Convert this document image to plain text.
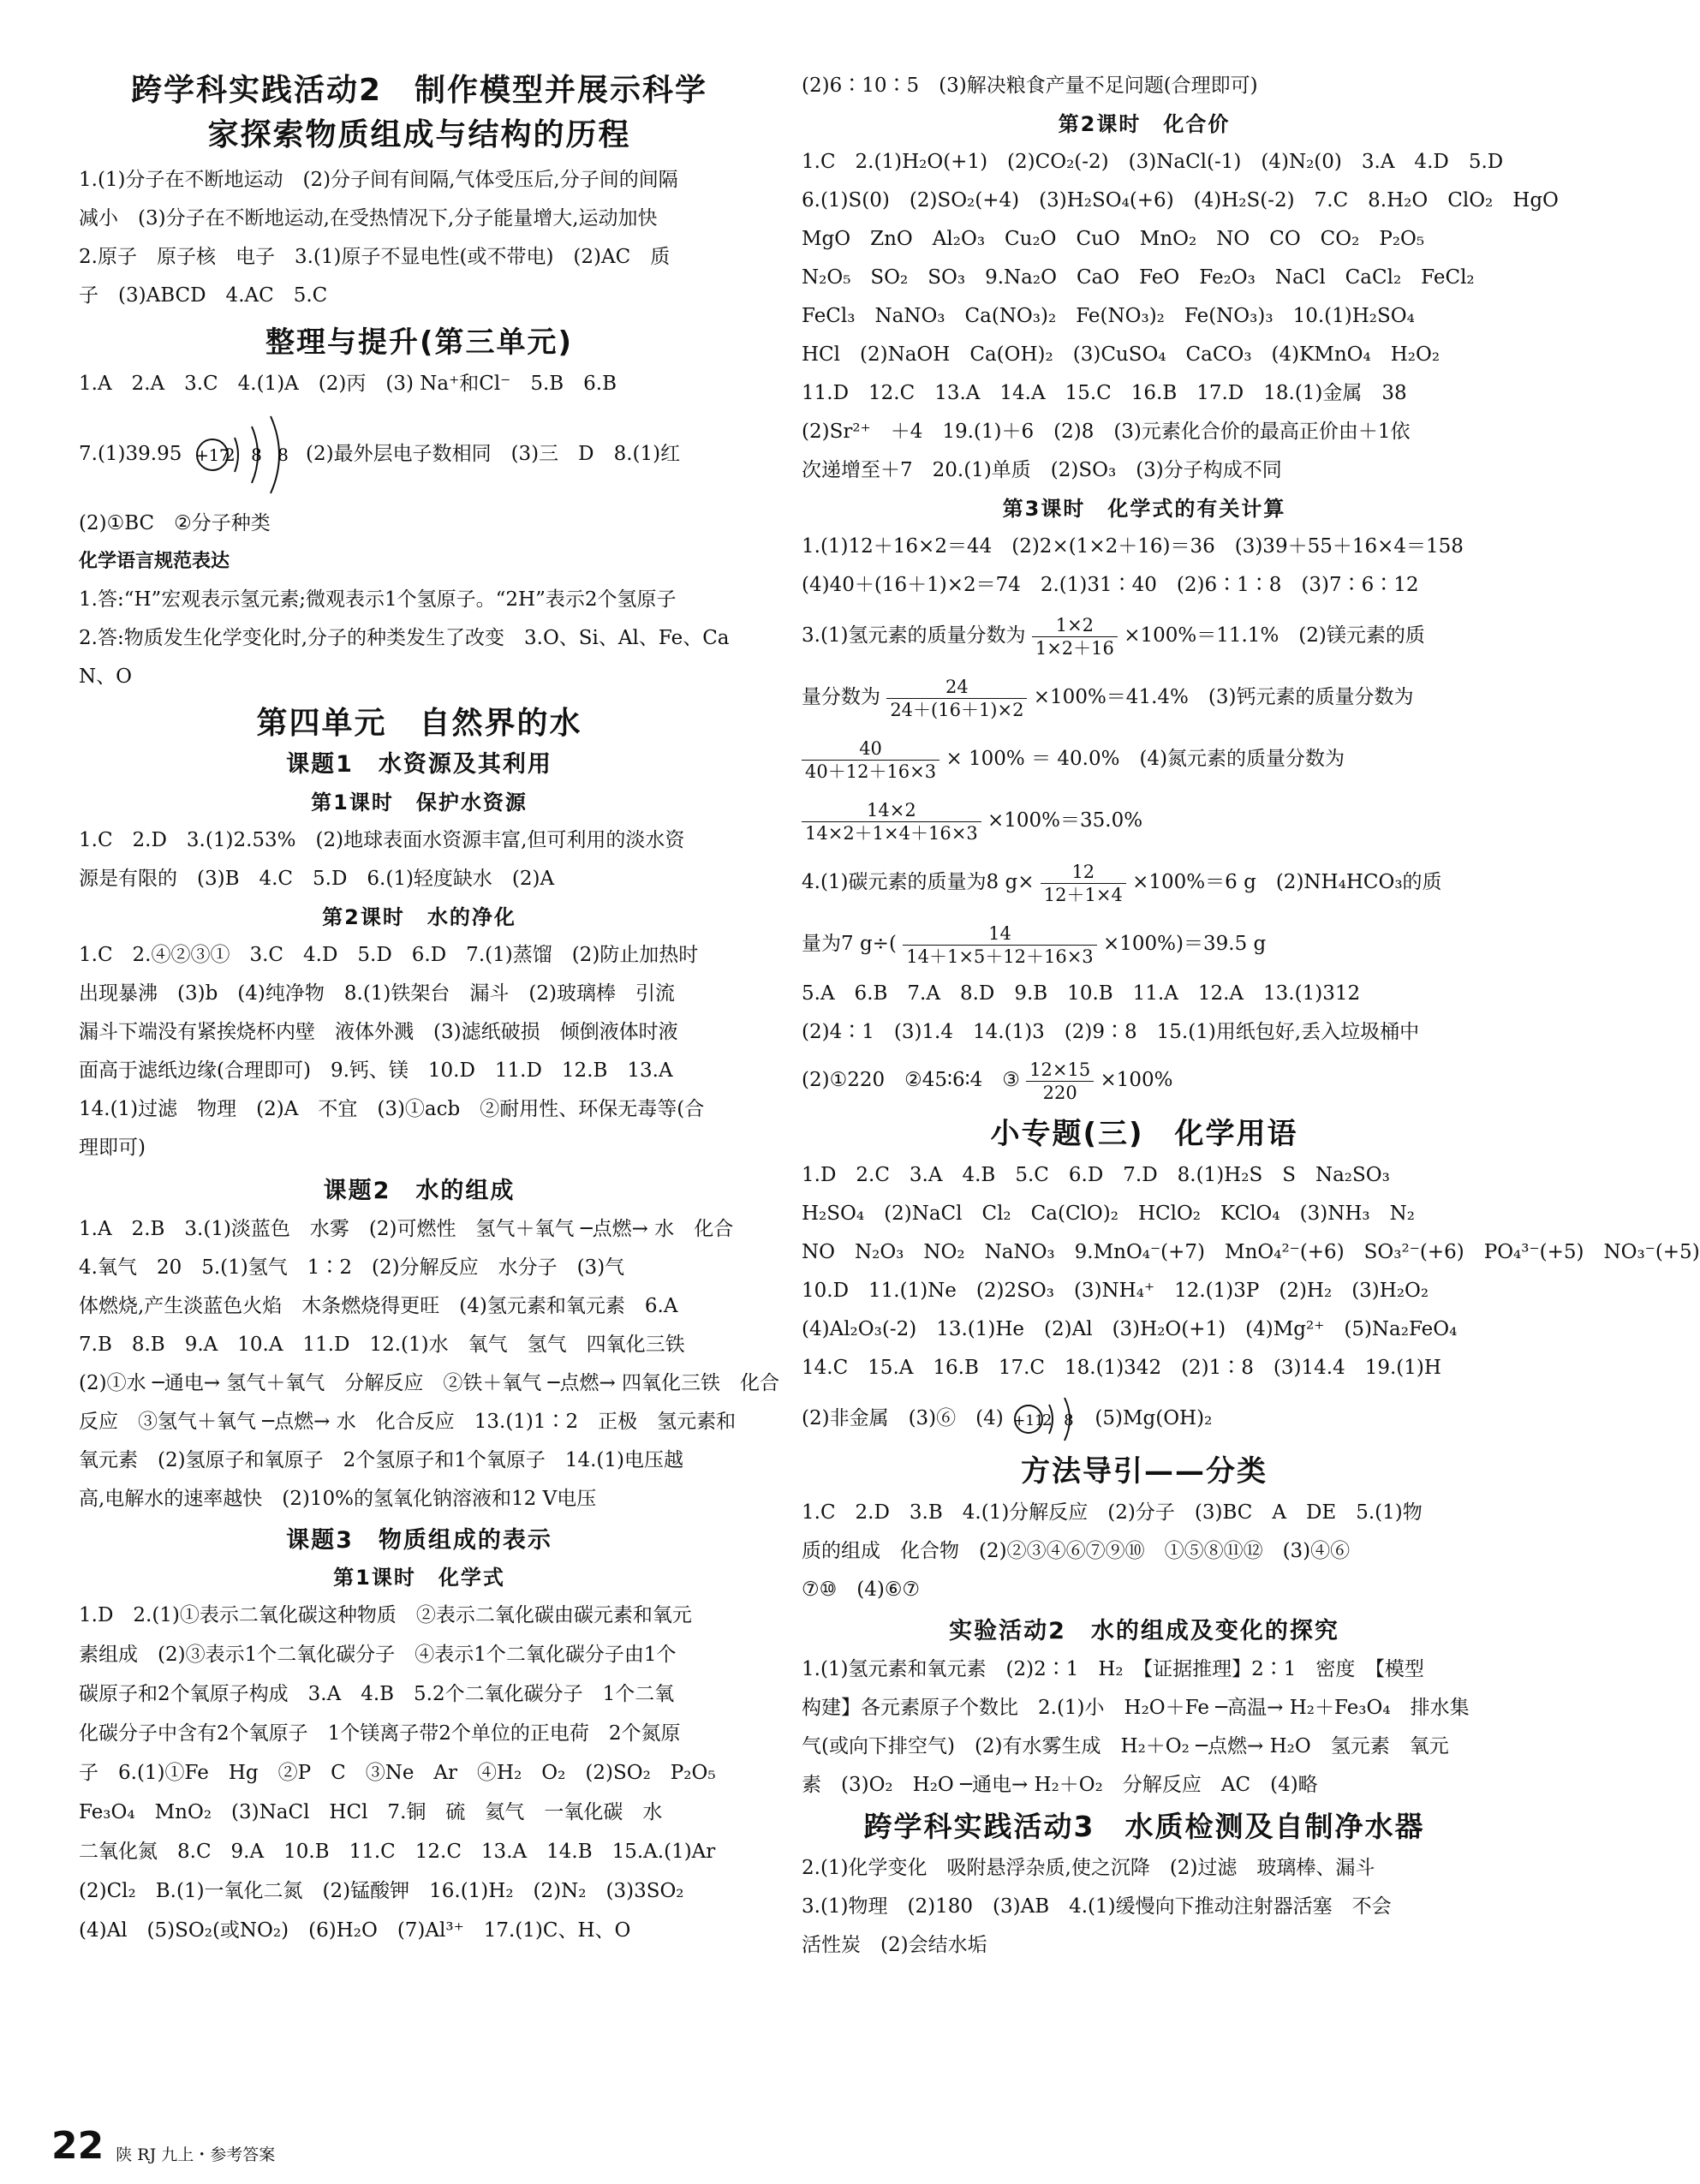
跨学科实践活动2　制作模型并展示科学
家探索物质组成与结构的历程
1.(1)分子在不断地运动　(2)分子间有间隔,气体受压后,分子间的间隔
减小　(3)分子在不断地运动,在受热情况下,分子能量增大,运动加快
2.原子　原子核　电子　3.(1)原子不显电性(或不带电)　(2)AC　质
子　(3)ABCD　4.AC　5.C
整理与提升(第三单元)
1.A　2.A　3.C　4.(1)A　(2)丙　(3) Na⁺和Cl⁻　5.B　6.B
7.(1)39.95 +17
2 8 8 (2)最外层电子数相同　(3)三　D　8.(1)红
(2)①BC　②分子种类
化学语言规范表达
1.答:“H”宏观表示氢元素;微观表示1个氢原子。“2H”表示2个氢原子
2.答:物质发生化学变化时,分子的种类发生了改变　3.O、Si、Al、Fe、Ca
N、O
第四单元　自然界的水
课题1　水资源及其利用
第1课时　保护水资源
1.C　2.D　3.(1)2.53%　(2)地球表面水资源丰富,但可利用的淡水资
源是有限的　(3)B　4.C　5.D　6.(1)轻度缺水　(2)A
第2课时　水的净化
1.C　2.④②③①　3.C　4.D　5.D　6.D　7.(1)蒸馏　(2)防止加热时
出现暴沸　(3)b　(4)纯净物　8.(1)铁架台　漏斗　(2)玻璃棒　引流
漏斗下端没有紧挨烧杯内壁　液体外溅　(3)滤纸破损　倾倒液体时液
面高于滤纸边缘(合理即可)　9.钙、镁　10.D　11.D　12.B　13.A
14.(1)过滤　物理　(2)A　不宜　(3)①acb　②耐用性、环保无毒等(合
理即可)
课题2　水的组成
1.A　2.B　3.(1)淡蓝色　水雾　(2)可燃性　氢气＋氧气 ─点燃→ 水　化合
4.氧气　20　5.(1)氢气　1∶2　(2)分解反应　水分子　(3)气
体燃烧,产生淡蓝色火焰　木条燃烧得更旺　(4)氢元素和氧元素　6.A
7.B　8.B　9.A　10.A　11.D　12.(1)水　氧气　氢气　四氧化三铁
(2)①水 ─通电→ 氢气＋氧气　分解反应　②铁＋氧气 ─点燃→ 四氧化三铁　化合
反应　③氢气＋氧气 ─点燃→ 水　化合反应　13.(1)1∶2　正极　氢元素和
氧元素　(2)氢原子和氧原子　2个氢原子和1个氧原子　14.(1)电压越
高,电解水的速率越快　(2)10%的氢氧化钠溶液和12 V电压
课题3　物质组成的表示
第1课时　化学式
1.D　2.(1)①表示二氧化碳这种物质　②表示二氧化碳由碳元素和氧元
素组成　(2)③表示1个二氧化碳分子　④表示1个二氧化碳分子由1个
碳原子和2个氧原子构成　3.A　4.B　5.2个二氧化碳分子　1个二氧
化碳分子中含有2个氧原子　1个镁离子带2个单位的正电荷　2个氮原
子　6.(1)①Fe　Hg　②P　C　③Ne　Ar　④H₂　O₂　(2)SO₂　P₂O₅
Fe₃O₄　MnO₂　(3)NaCl　HCl　7.铜　硫　氦气　一氧化碳　水
二氧化氮　8.C　9.A　10.B　11.C　12.C　13.A　14.B　15.A.(1)Ar
(2)Cl₂　B.(1)一氧化二氮　(2)锰酸钾　16.(1)H₂　(2)N₂　(3)3SO₂
(4)Al　(5)SO₂(或NO₂)　(6)H₂O　(7)Al³⁺　17.(1)C、H、O
(2)6∶10∶5　(3)解决粮食产量不足问题(合理即可)
第2课时　化合价
1.C　2.(1)H₂O(+1)　(2)CO₂(-2)　(3)NaCl(-1)　(4)N₂(0)　3.A　4.D　5.D
6.(1)S(0)　(2)SO₂(+4)　(3)H₂SO₄(+6)　(4)H₂S(-2)　7.C　8.H₂O　ClO₂　HgO
MgO　ZnO　Al₂O₃　Cu₂O　CuO　MnO₂　NO　CO　CO₂　P₂O₅
N₂O₅　SO₂　SO₃　9.Na₂O　CaO　FeO　Fe₂O₃　NaCl　CaCl₂　FeCl₂
FeCl₃　NaNO₃　Ca(NO₃)₂　Fe(NO₃)₂　Fe(NO₃)₃　10.(1)H₂SO₄
HCl　(2)NaOH　Ca(OH)₂　(3)CuSO₄　CaCO₃　(4)KMnO₄　H₂O₂
11.D　12.C　13.A　14.A　15.C　16.B　17.D　18.(1)金属　38
(2)Sr²⁺　＋4　19.(1)＋6　(2)8　(3)元素化合价的最高正价由＋1依
次递增至＋7　20.(1)单质　(2)SO₃　(3)分子构成不同
第3课时　化学式的有关计算
1.(1)12＋16×2＝44　(2)2×(1×2＋16)＝36　(3)39＋55＋16×4＝158
(4)40＋(16＋1)×2＝74　2.(1)31∶40　(2)6∶1∶8　(3)7∶6∶12
3.(1)氢元素的质量分数为 $\frac{1\times 2}{1\times 2+16} \times 100\%=11.1\%$　(2)镁元素的质
量分数为 $\frac{24}{24+(16+1)\times 2} \times 100\%=41.4\%$　(3)钙元素的质量分数为
$\frac{40}{40+12+16\times 3} \times 100\% = 40.0\%$　(4)氮元素的质量分数为
$\frac{14\times 2}{14\times 2+1\times 4+16\times 3} \times 100\%=35.0\%$
4.(1)碳元素的质量为8 $g\times \frac{12}{12+1\times 4} \times 100\%=6$ g　(2)NH₄HCO₃的质
量为7 $g\div( \frac{14}{14+1\times 5+12+16\times 3} \times 100\%)=39.5$ g
5.A　6.B　7.A　8.D　9.B　10.B　11.A　12.A　13.(1)312
(2)4∶1　(3)1.4　14.(1)3　(2)9∶8　15.(1)用纸包好,丢入垃圾桶中
(2)①220　②45∶6∶4　③ $\frac{12\times 15}{220} \times 100\%$
小专题(三)　化学用语
1.D　2.C　3.A　4.B　5.C　6.D　7.D　8.(1)H₂S　S　Na₂SO₃
H₂SO₄　(2)NaCl　Cl₂　Ca(ClO)₂　HClO₂　KClO₄　(3)NH₃　N₂
NO　N₂O₃　NO₂　NaNO₃　9.MnO₄⁻(+7)　MnO₄²⁻(+6)　SO₃²⁻(+6)　PO₄³⁻(+5)　NO₃⁻(+5)
10.D　11.(1)Ne　(2)2SO₃　(3)NH₄⁺　12.(1)3P　(2)H₂　(3)H₂O₂
(4)Al₂O₃(-2)　13.(1)He　(2)Al　(3)H₂O(+1)　(4)Mg²⁺　(5)Na₂FeO₄
14.C　15.A　16.B　17.C　18.(1)342　(2)1∶8　(3)14.4　19.(1)H
(2)非金属　(3)⑥　(4) +11
2 8 (5)Mg(OH)₂
方法导引——分类
1.C　2.D　3.B　4.(1)分解反应　(2)分子　(3)BC　A　DE　5.(1)物
质的组成　化合物　(2)②③④⑥⑦⑨⑩　①⑤⑧⑪⑫　(3)④⑥
⑦⑩　(4)⑥⑦
实验活动2　水的组成及变化的探究
1.(1)氢元素和氧元素　(2)2∶1　H₂　【证据推理】2∶1　密度　【模型
构建】各元素原子个数比　2.(1)小　H₂O＋Fe ─高温→ H₂＋Fe₃O₄　排水集
气(或向下排空气)　(2)有水雾生成　H₂＋O₂ ─点燃→ H₂O　氢元素　氧元
素　(3)O₂　H₂O ─通电→ H₂＋O₂　分解反应　AC　(4)略
跨学科实践活动3　水质检测及自制净水器
2.(1)化学变化　吸附悬浮杂质,使之沉降　(2)过滤　玻璃棒、漏斗
3.(1)物理　(2)180　(3)AB　4.(1)缓慢向下推动注射器活塞　不会
活性炭　(2)会结水垢
22 陕 RJ 九上・参考答案
